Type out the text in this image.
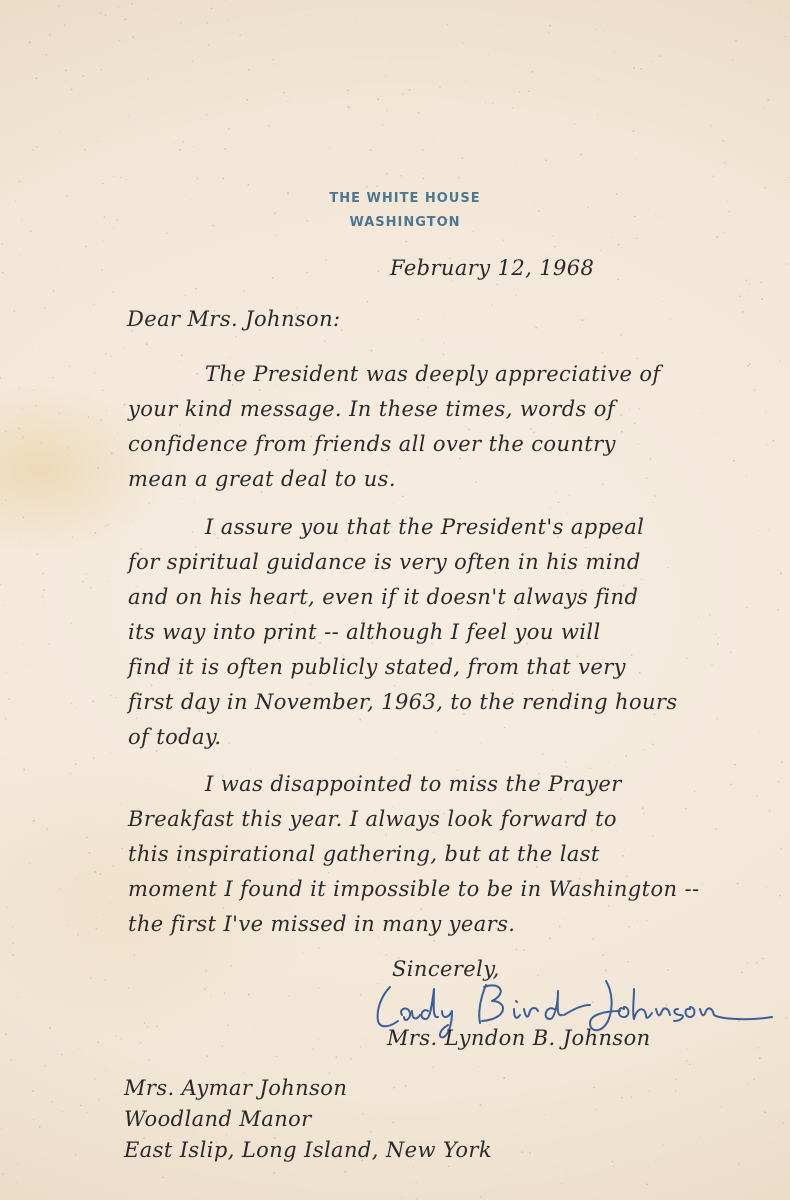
THE WHITE HOUSE
WASHINGTON
February 12, 1968
Dear Mrs. Johnson:
The President was deeply appreciative of
your kind message. In these times, words of
confidence from friends all over the country
mean a great deal to us.
I assure you that the President's appeal
for spiritual guidance is very often in his mind
and on his heart, even if it doesn't always find
its way into print -- although I feel you will
find it is often publicly stated, from that very
first day in November, 1963, to the rending hours
of today.
I was disappointed to miss the Prayer
Breakfast this year. I always look forward to
this inspirational gathering, but at the last
moment I found it impossible to be in Washington --
the first I've missed in many years.
Sincerely,
Mrs. Lyndon B. Johnson
Mrs. Aymar Johnson
Woodland Manor
East Islip, Long Island, New York
